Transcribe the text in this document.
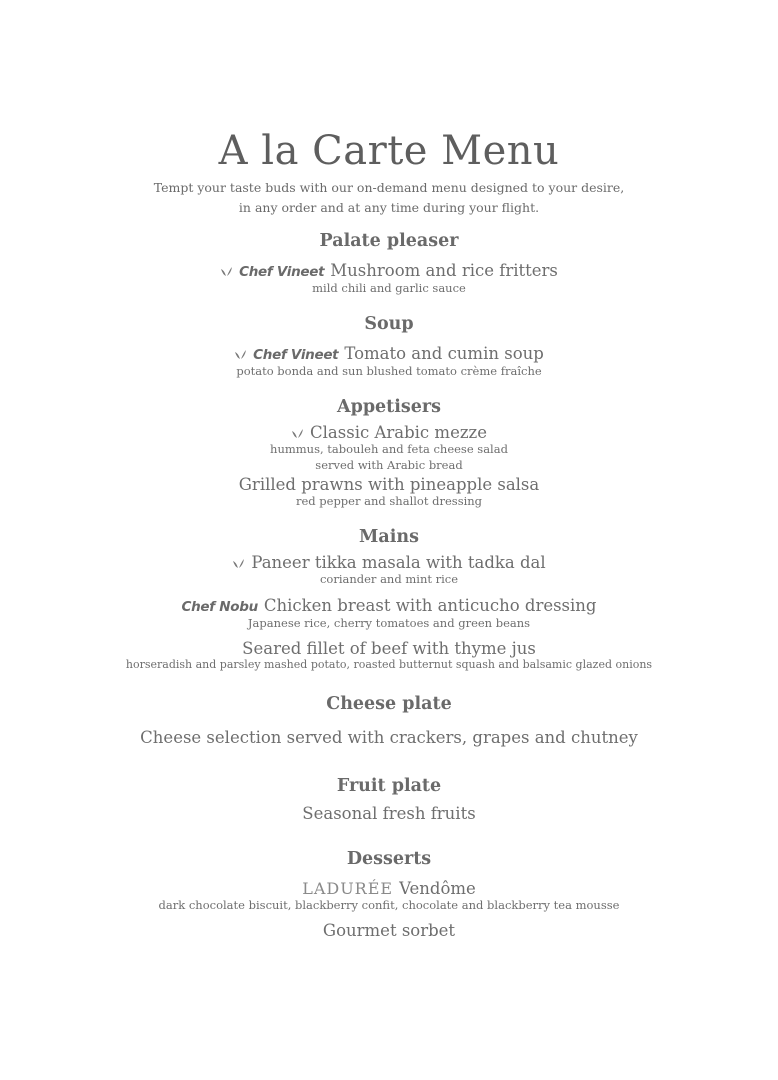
A la Carte Menu
Tempt your taste buds with our on-demand menu designed to your desire,
in any order and at any time during your flight.
Palate pleaser
Chef Vineet Mushroom and rice fritters
mild chili and garlic sauce
Soup
Chef Vineet Tomato and cumin soup
potato bonda and sun blushed tomato crème fraîche
Appetisers
Classic Arabic mezze
hummus, tabouleh and feta cheese salad
served with Arabic bread
Grilled prawns with pineapple salsa
red pepper and shallot dressing
Mains
Paneer tikka masala with tadka dal
coriander and mint rice
Chef Nobu Chicken breast with anticucho dressing
Japanese rice, cherry tomatoes and green beans
Seared fillet of beef with thyme jus
horseradish and parsley mashed potato, roasted butternut squash and balsamic glazed onions
Cheese plate
Cheese selection served with crackers, grapes and chutney
Fruit plate
Seasonal fresh fruits
Desserts
LADURÉE Vendôme
dark chocolate biscuit, blackberry confit, chocolate and blackberry tea mousse
Gourmet sorbet
